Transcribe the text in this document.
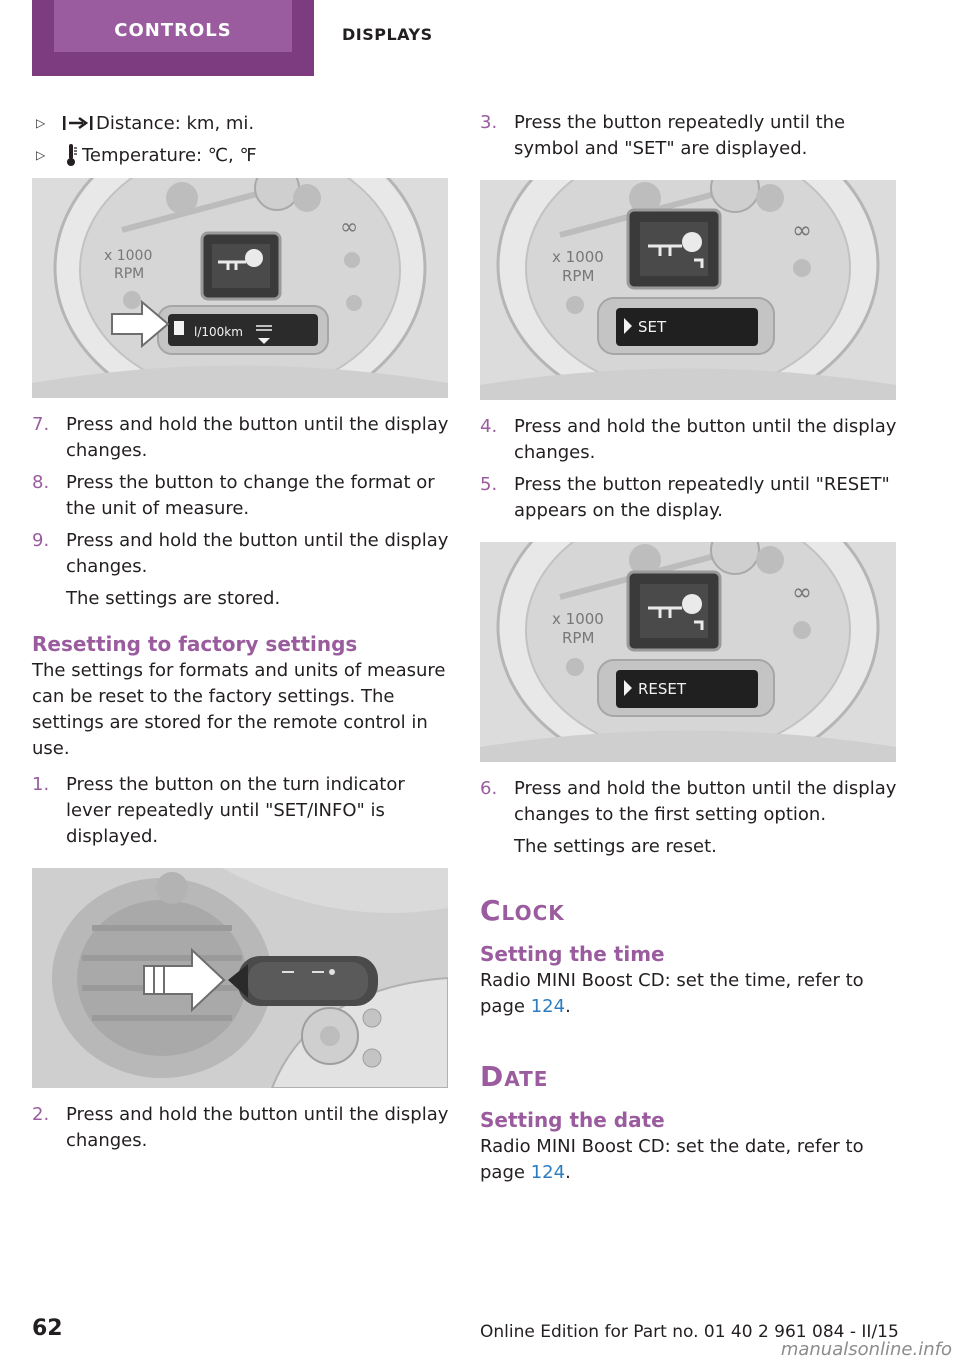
CONTROLS	DISPLAYS
▷	Distance: km, mi.
▷	Temperature: ℃, ℉
x 1000
RPM
∞
l/100km
7. Press and hold the button until the display changes.
8. Press the button to change the format or the unit of measure.
9. Press and hold the button until the display changes.
The settings are stored.
Resetting to factory settings
The settings for formats and units of measure can be reset to the factory settings. The settings are stored for the remote control in use.
1. Press the button on the turn indicator lever repeatedly until "SET/INFO" is displayed.
2. Press and hold the button until the display changes.
3. Press the button repeatedly until the symbol and "SET" are displayed.
x 1000
RPM
∞
SET
4. Press and hold the button until the display changes.
5. Press the button repeatedly until "RESET" appears on the display.
x 1000
RPM
∞
RESET
6. Press and hold the button until the display changes to the first setting option.
The settings are reset.
Clock
Setting the time
Radio MINI Boost CD: set the time, refer to page 124.
Date
Setting the date
Radio MINI Boost CD: set the date, refer to page 124.
62	Online Edition for Part no. 01 40 2 961 084 - II/15
manualsonline.info
